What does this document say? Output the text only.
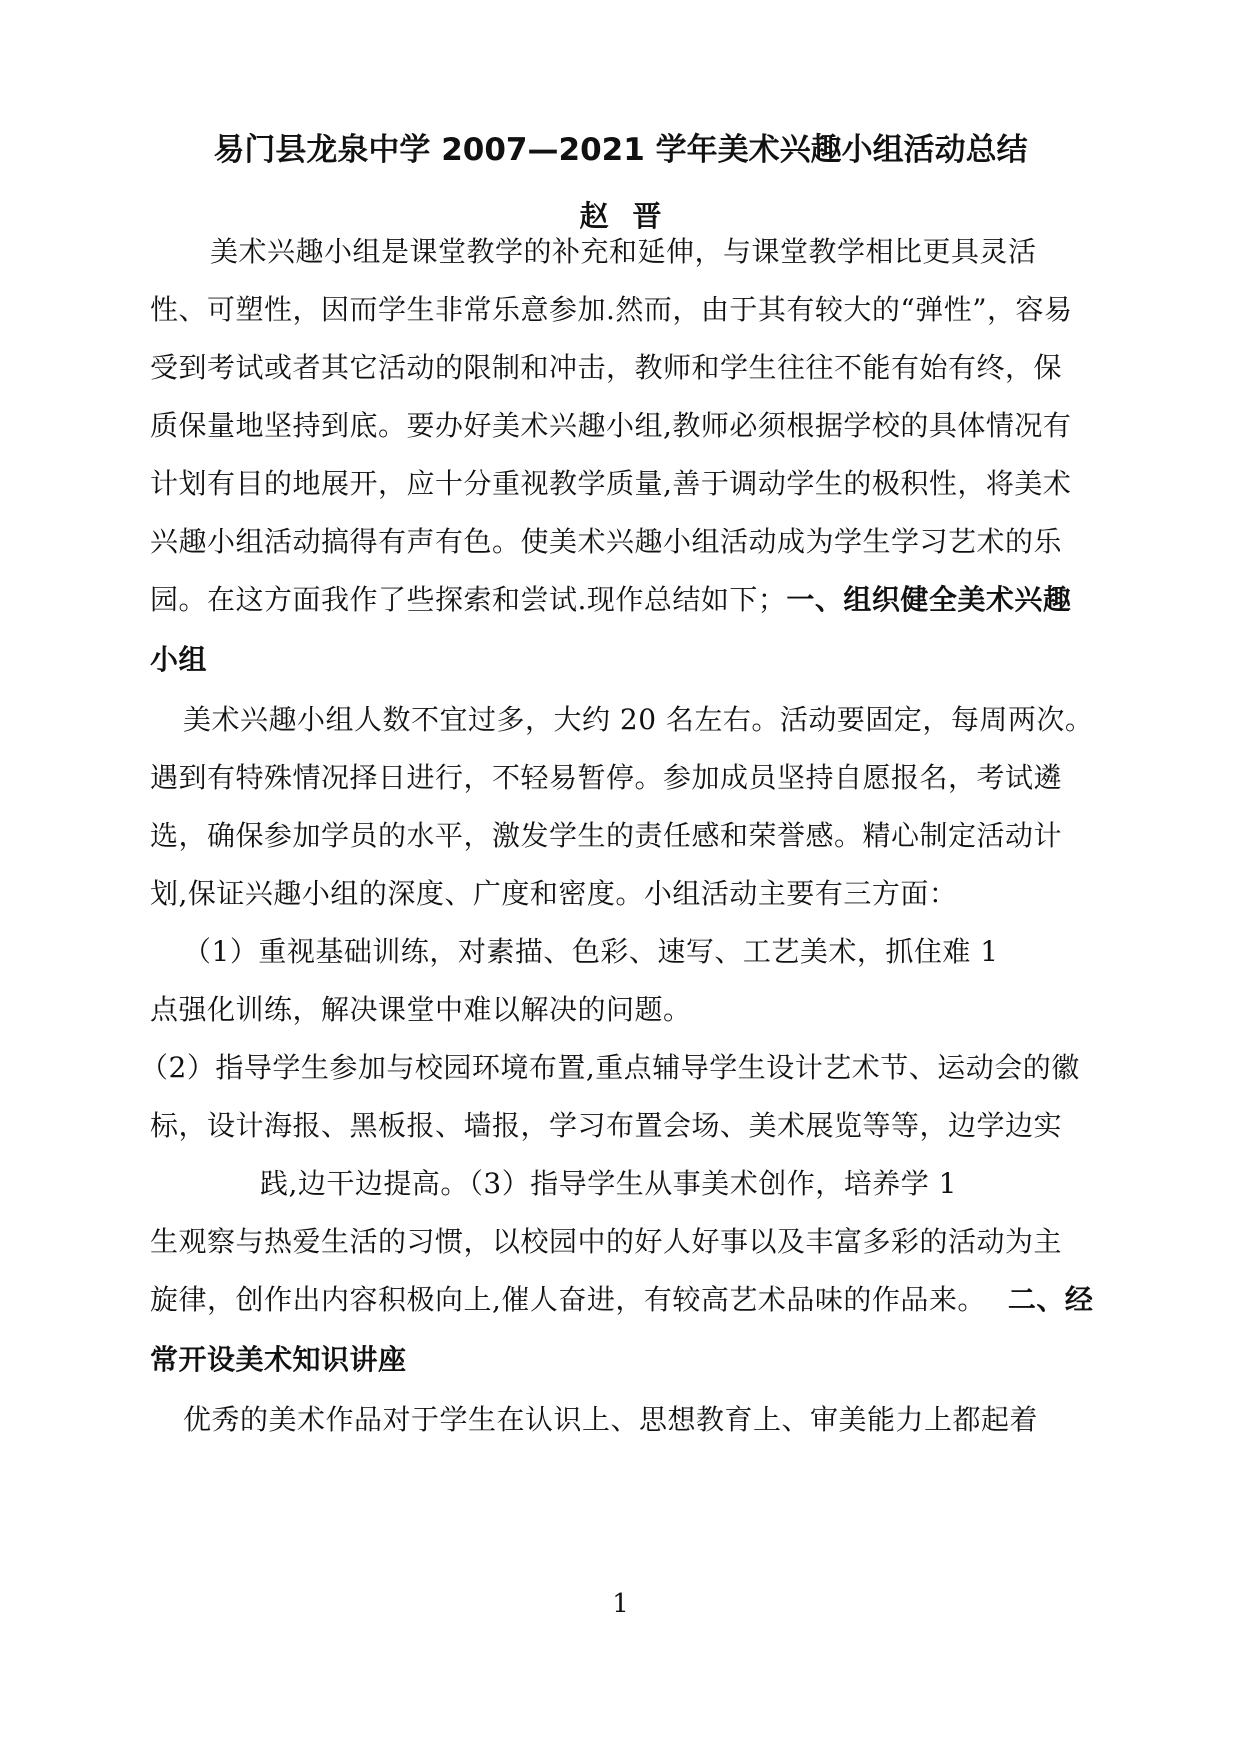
易门县龙泉中学 2007—2021 学年美术兴趣小组活动总结
赵晋
美术兴趣小组是课堂教学的补充和延伸，与课堂教学相比更具灵活
性、可塑性，因而学生非常乐意参加.然而，由于其有较大的“弹性”，容易
受到考试或者其它活动的限制和冲击，教师和学生往往不能有始有终，保
质保量地坚持到底。要办好美术兴趣小组,教师必须根据学校的具体情况有
计划有目的地展开，应十分重视教学质量,善于调动学生的极积性，将美术
兴趣小组活动搞得有声有色。使美术兴趣小组活动成为学生学习艺术的乐
园。在这方面我作了些探索和尝试.现作总结如下；一、组织健全美术兴趣
小组
美术兴趣小组人数不宜过多，大约 20 名左右。活动要固定，每周两次。
遇到有特殊情况择日进行，不轻易暂停。参加成员坚持自愿报名，考试遴
选，确保参加学员的水平，激发学生的责任感和荣誉感。精心制定活动计
划,保证兴趣小组的深度、广度和密度。小组活动主要有三方面：
（1）重视基础训练，对素描、色彩、速写、工艺美术，抓住难 1
点强化训练，解决课堂中难以解决的问题。
（2）指导学生参加与校园环境布置,重点辅导学生设计艺术节、运动会的徽
标，设计海报、黑板报、墙报，学习布置会场、美术展览等等，边学边实
践,边干边提高。（3）指导学生从事美术创作，培养学 1
生观察与热爱生活的习惯，以校园中的好人好事以及丰富多彩的活动为主
旋律，创作出内容积极向上,催人奋进，有较高艺术品味的作品来。 二、经
常开设美术知识讲座
优秀的美术作品对于学生在认识上、思想教育上、审美能力上都起着
1
